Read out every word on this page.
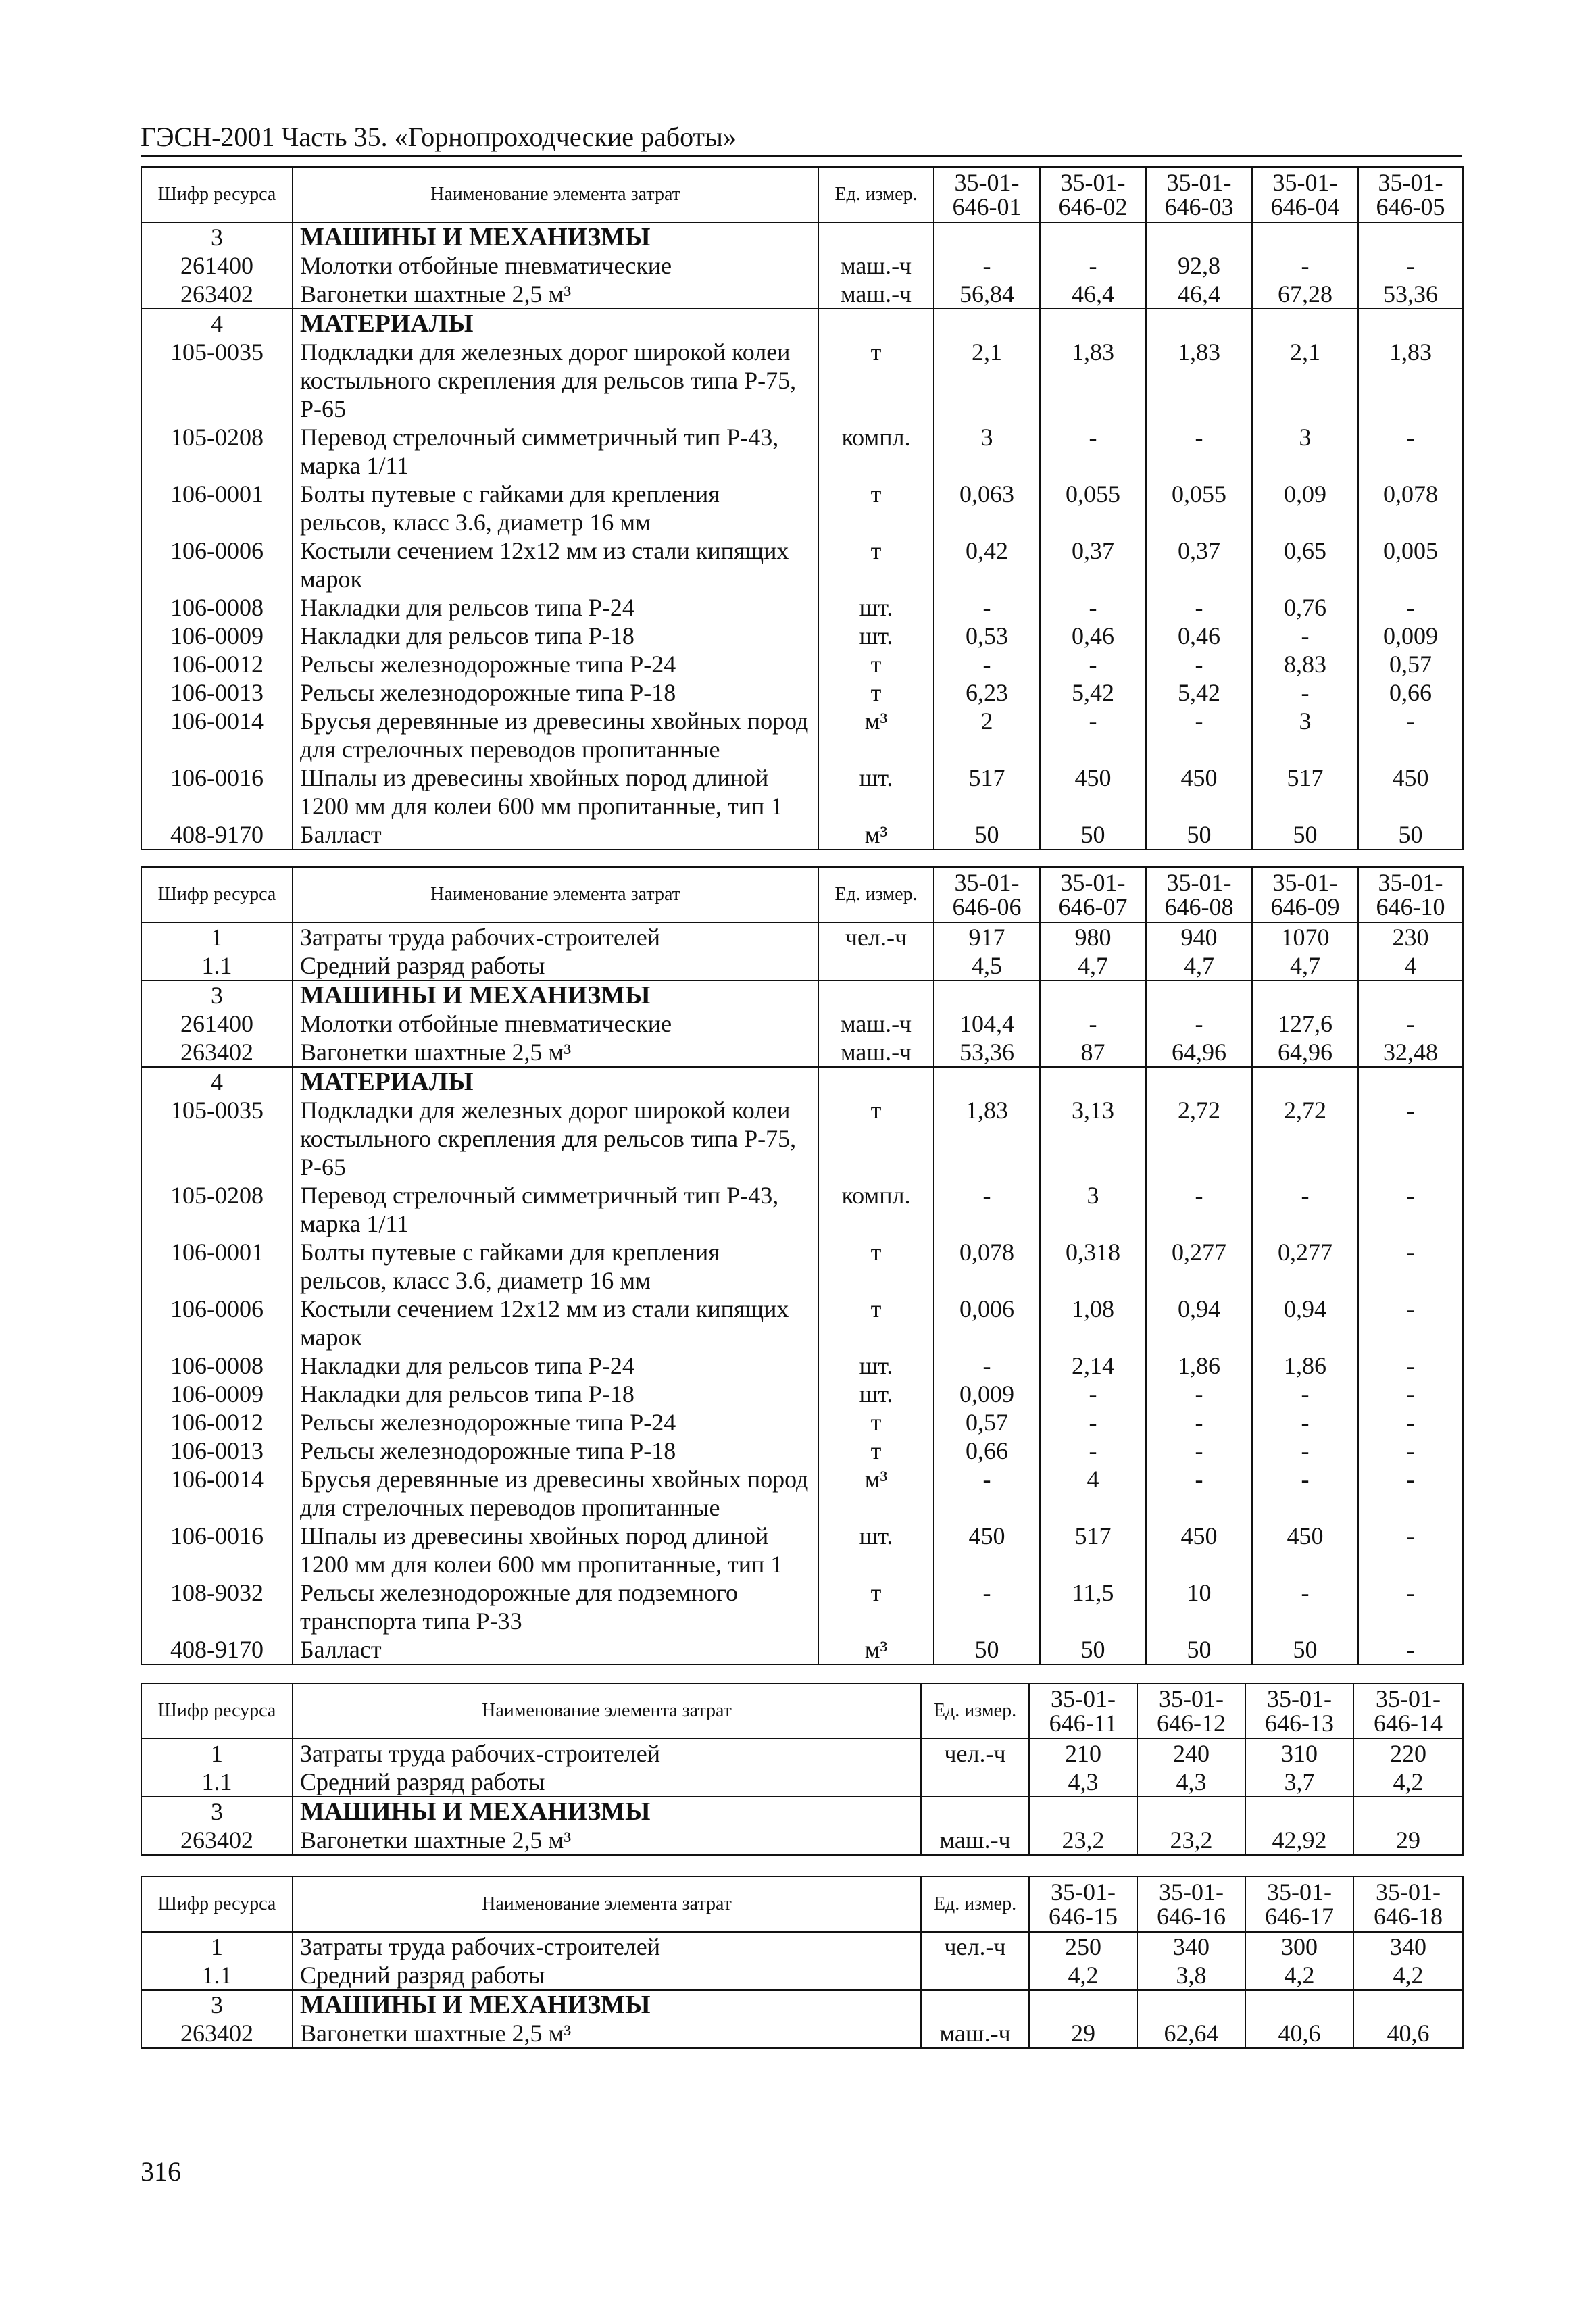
ГЭСН-2001 Часть 35. «Горнопроходческие работы»
Шифр ресурса	Наименование элемента затрат	Ед. измер.	35-01-646-01	35-01-646-02	35-01-646-03	35-01-646-04	35-01-646-05
3	МАШИНЫ И МЕХАНИЗМЫ						
261400	Молотки отбойные пневматические	маш.-ч	-	-	92,8	-	-
263402	Вагонетки шахтные 2,5 м³	маш.-ч	56,84	46,4	46,4	67,28	53,36
4	МАТЕРИАЛЫ						
105-0035	Подкладки для железных дорог широкой колеи костыльного скрепления для рельсов типа Р-75, Р-65	т	2,1	1,83	1,83	2,1	1,83
105-0208	Перевод стрелочный симметричный тип Р-43, марка 1/11	компл.	3	-	-	3	-
106-0001	Болты путевые с гайками для крепления рельсов, класс 3.6, диаметр 16 мм	т	0,063	0,055	0,055	0,09	0,078
106-0006	Костыли сечением 12х12 мм из стали кипящих марок	т	0,42	0,37	0,37	0,65	0,005
106-0008	Накладки для рельсов типа Р-24	шт.	-	-	-	0,76	-
106-0009	Накладки для рельсов типа Р-18	шт.	0,53	0,46	0,46	-	0,009
106-0012	Рельсы железнодорожные типа Р-24	т	-	-	-	8,83	0,57
106-0013	Рельсы железнодорожные типа Р-18	т	6,23	5,42	5,42	-	0,66
106-0014	Брусья деревянные из древесины хвойных пород для стрелочных переводов пропитанные	м³	2	-	-	3	-
106-0016	Шпалы из древесины хвойных пород длиной 1200 мм для колеи 600 мм пропитанные, тип 1	шт.	517	450	450	517	450
408-9170	Балласт	м³	50	50	50	50	50
Шифр ресурса	Наименование элемента затрат	Ед. измер.	35-01-646-06	35-01-646-07	35-01-646-08	35-01-646-09	35-01-646-10
1	Затраты труда рабочих-строителей	чел.-ч	917	980	940	1070	230
1.1	Средний разряд работы		4,5	4,7	4,7	4,7	4
3	МАШИНЫ И МЕХАНИЗМЫ						
261400	Молотки отбойные пневматические	маш.-ч	104,4	-	-	127,6	-
263402	Вагонетки шахтные 2,5 м³	маш.-ч	53,36	87	64,96	64,96	32,48
4	МАТЕРИАЛЫ						
105-0035	Подкладки для железных дорог широкой колеи костыльного скрепления для рельсов типа Р-75, Р-65	т	1,83	3,13	2,72	2,72	-
105-0208	Перевод стрелочный симметричный тип Р-43, марка 1/11	компл.	-	3	-	-	-
106-0001	Болты путевые с гайками для крепления рельсов, класс 3.6, диаметр 16 мм	т	0,078	0,318	0,277	0,277	-
106-0006	Костыли сечением 12х12 мм из стали кипящих марок	т	0,006	1,08	0,94	0,94	-
106-0008	Накладки для рельсов типа Р-24	шт.	-	2,14	1,86	1,86	-
106-0009	Накладки для рельсов типа Р-18	шт.	0,009	-	-	-	-
106-0012	Рельсы железнодорожные типа Р-24	т	0,57	-	-	-	-
106-0013	Рельсы железнодорожные типа Р-18	т	0,66	-	-	-	-
106-0014	Брусья деревянные из древесины хвойных пород для стрелочных переводов пропитанные	м³	-	4	-	-	-
106-0016	Шпалы из древесины хвойных пород длиной 1200 мм для колеи 600 мм пропитанные, тип 1	шт.	450	517	450	450	-
108-9032	Рельсы железнодорожные для подземного транспорта типа Р-33	т	-	11,5	10	-	-
408-9170	Балласт	м³	50	50	50	50	-
Шифр ресурса	Наименование элемента затрат	Ед. измер.	35-01-646-11	35-01-646-12	35-01-646-13	35-01-646-14
1	Затраты труда рабочих-строителей	чел.-ч	210	240	310	220
1.1	Средний разряд работы		4,3	4,3	3,7	4,2
3	МАШИНЫ И МЕХАНИЗМЫ					
263402	Вагонетки шахтные 2,5 м³	маш.-ч	23,2	23,2	42,92	29
Шифр ресурса	Наименование элемента затрат	Ед. измер.	35-01-646-15	35-01-646-16	35-01-646-17	35-01-646-18
1	Затраты труда рабочих-строителей	чел.-ч	250	340	300	340
1.1	Средний разряд работы		4,2	3,8	4,2	4,2
3	МАШИНЫ И МЕХАНИЗМЫ					
263402	Вагонетки шахтные 2,5 м³	маш.-ч	29	62,64	40,6	40,6
316
